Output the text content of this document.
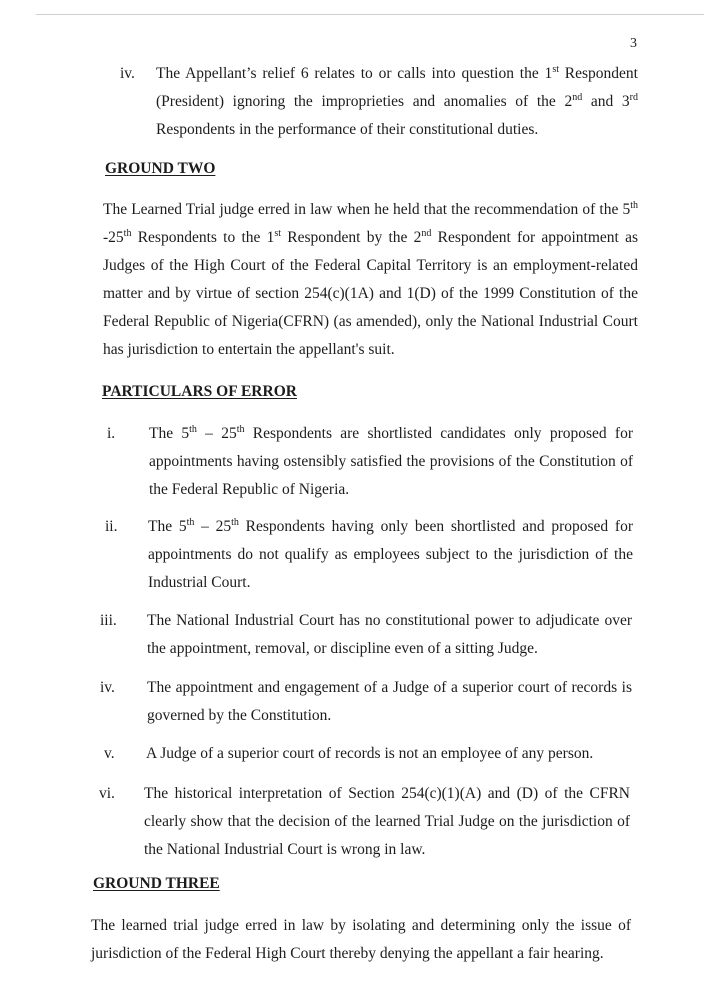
3
iv. The Appellant’s relief 6 relates to or calls into question the 1st Respondent (President) ignoring the improprieties and anomalies of the 2nd and 3rd Respondents in the performance of their constitutional duties.

GROUND TWO

The Learned Trial judge erred in law when he held that the recommendation of the 5th -25th Respondents to the 1st Respondent by the 2nd Respondent for appointment as Judges of the High Court of the Federal Capital Territory is an employment-related matter and by virtue of section 254(c)(1A) and 1(D) of the 1999 Constitution of the Federal Republic of Nigeria(CFRN) (as amended), only the National Industrial Court has jurisdiction to entertain the appellant's suit.

PARTICULARS OF ERROR
i. The 5th – 25th Respondents are shortlisted candidates only proposed for appointments having ostensibly satisfied the provisions of the Constitution of the Federal Republic of Nigeria.

ii. The 5th – 25th Respondents having only been shortlisted and proposed for appointments do not qualify as employees subject to the jurisdiction of the Industrial Court.

iii. The National Industrial Court has no constitutional power to adjudicate over the appointment, removal, or discipline even of a sitting Judge.

iv. The appointment and engagement of a Judge of a superior court of records is governed by the Constitution.

v. A Judge of a superior court of records is not an employee of any person.

vi. The historical interpretation of Section 254(c)(1)(A) and (D) of the CFRN clearly show that the decision of the learned Trial Judge on the jurisdiction of the National Industrial Court is wrong in law.

GROUND THREE

The learned trial judge erred in law by isolating and determining only the issue of jurisdiction of the Federal High Court thereby denying the appellant a fair hearing.
